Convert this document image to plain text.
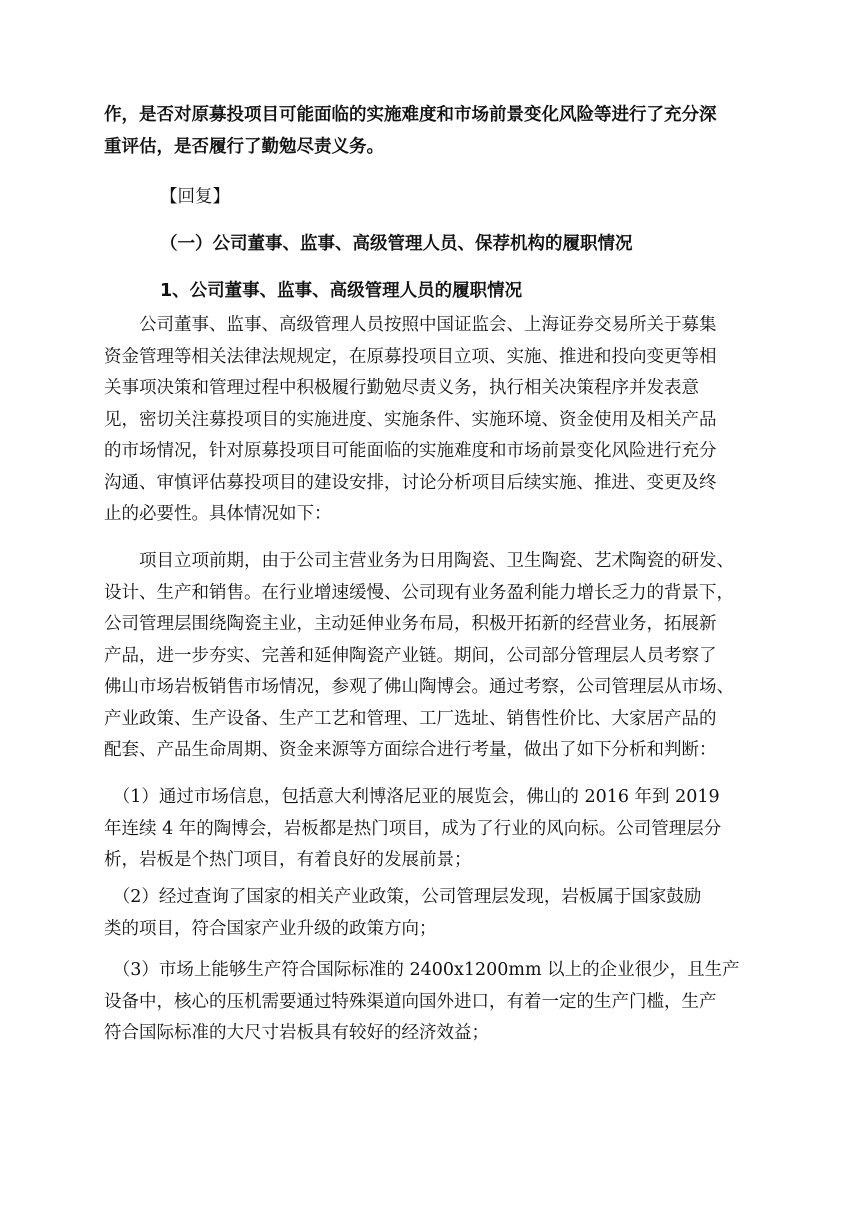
作，是否对原募投项目可能面临的实施难度和市场前景变化风险等进行了充分深
重评估，是否履行了勤勉尽责义务。
【回复】
（一）公司董事、监事、高级管理人员、保荐机构的履职情况
1、公司董事、监事、高级管理人员的履职情况
公司董事、监事、高级管理人员按照中国证监会、上海证券交易所关于募集
资金管理等相关法律法规规定，在原募投项目立项、实施、推进和投向变更等相
关事项决策和管理过程中积极履行勤勉尽责义务，执行相关决策程序并发表意
见，密切关注募投项目的实施进度、实施条件、实施环境、资金使用及相关产品
的市场情况，针对原募投项目可能面临的实施难度和市场前景变化风险进行充分
沟通、审慎评估募投项目的建设安排，讨论分析项目后续实施、推进、变更及终
止的必要性。具体情况如下：
项目立项前期，由于公司主营业务为日用陶瓷、卫生陶瓷、艺术陶瓷的研发、
设计、生产和销售。在行业增速缓慢、公司现有业务盈利能力增长乏力的背景下，
公司管理层围绕陶瓷主业，主动延伸业务布局，积极开拓新的经营业务，拓展新
产品，进一步夯实、完善和延伸陶瓷产业链。期间，公司部分管理层人员考察了
佛山市场岩板销售市场情况，参观了佛山陶博会。通过考察，公司管理层从市场、
产业政策、生产设备、生产工艺和管理、工厂选址、销售性价比、大家居产品的
配套、产品生命周期、资金来源等方面综合进行考量，做出了如下分析和判断：
（1）通过市场信息，包括意大利博洛尼亚的展览会，佛山的 2016 年到 2019
年连续 4 年的陶博会，岩板都是热门项目，成为了行业的风向标。公司管理层分
析，岩板是个热门项目，有着良好的发展前景；
（2）经过查询了国家的相关产业政策，公司管理层发现，岩板属于国家鼓励
类的项目，符合国家产业升级的政策方向；
（3）市场上能够生产符合国际标准的 2400x1200mm 以上的企业很少，且生产
设备中，核心的压机需要通过特殊渠道向国外进口，有着一定的生产门槛，生产
符合国际标准的大尺寸岩板具有较好的经济效益；
